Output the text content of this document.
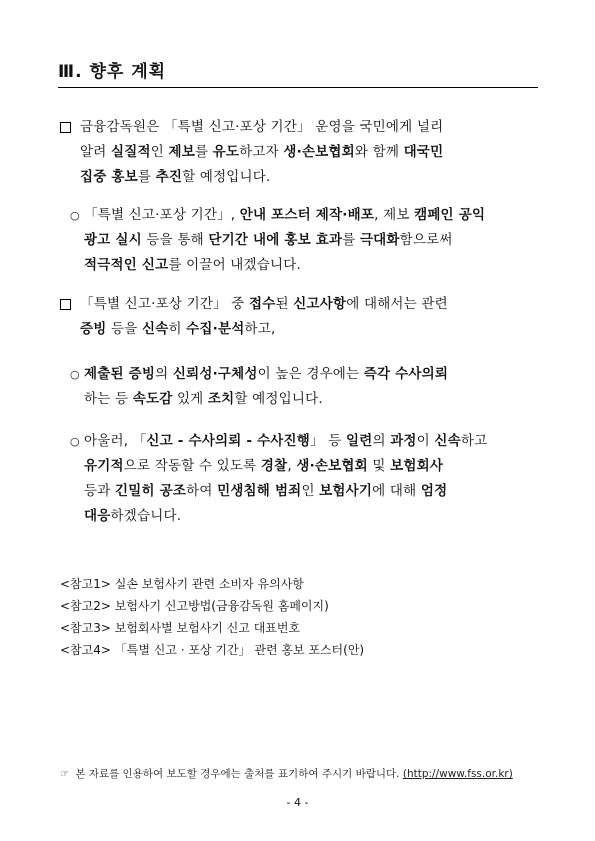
Ⅲ. 향후 계획
금융감독원은 「특별 신고·포상 기간」 운영을 국민에게 널리
알려 실질적인 제보를 유도하고자 생·손보협회와 함께 대국민
집중 홍보를 추진할 예정입니다.
○ 「특별 신고·포상 기간」, 안내 포스터 제작·배포, 제보 캠페인 공익
광고 실시 등을 통해 단기간 내에 홍보 효과를 극대화함으로써
적극적인 신고를 이끌어 내겠습니다.
「특별 신고·포상 기간」 중 접수된 신고사항에 대해서는 관련
증빙 등을 신속히 수집·분석하고,
○ 제출된 증빙의 신뢰성·구체성이 높은 경우에는 즉각 수사의뢰
하는 등 속도감 있게 조치할 예정입니다.
○ 아울러, 「신고 - 수사의뢰 - 수사진행」 등 일련의 과정이 신속하고
유기적으로 작동할 수 있도록 경찰, 생·손보협회 및 보험회사
등과 긴밀히 공조하여 민생침해 범죄인 보험사기에 대해 엄정
대응하겠습니다.
<참고1> 실손 보험사기 관련 소비자 유의사항
<참고2> 보험사기 신고방법(금융감독원 홈페이지)
<참고3> 보험회사별 보험사기 신고 대표번호
<참고4> 「특별 신고 · 포상 기간」 관련 홍보 포스터(안)
☞ 본 자료를 인용하여 보도할 경우에는 출처를 표기하여 주시기 바랍니다. (http://www.fss.or.kr)
- 4 -
